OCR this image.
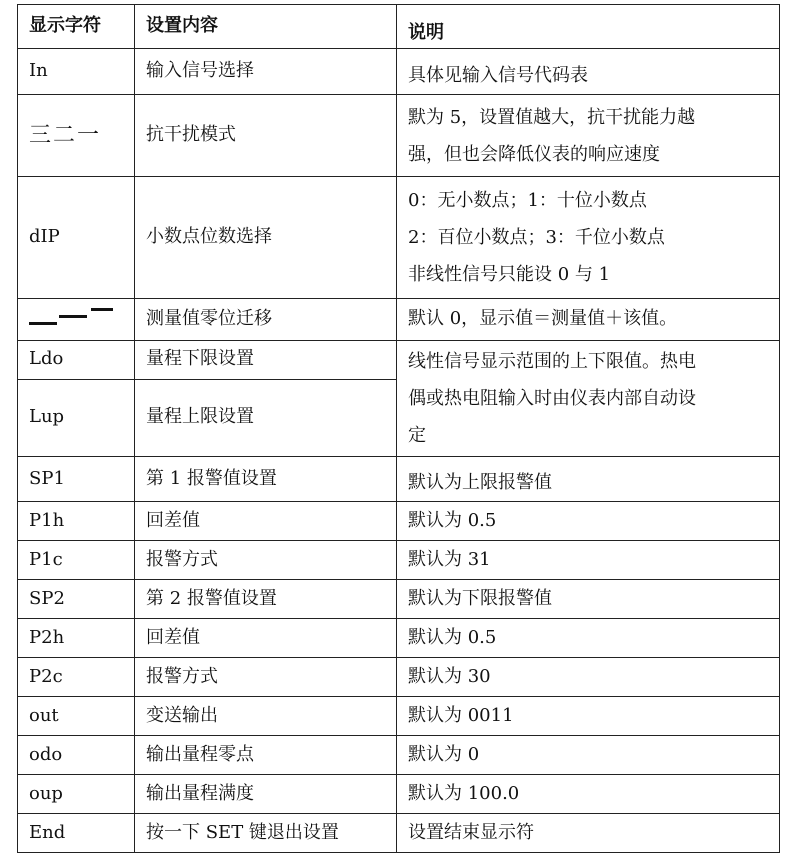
显示字符	设置内容	说明
In	输入信号选择	具体见输入信号代码表
三二一	抗干扰模式	默为 5，设置值越大，抗干扰能力越
强，但也会降低仪表的响应速度

dIP	小数点位数选择	0：无小数点；1：十位小数点
2：百位小数点；3：千位小数点
非线性信号只能设 0 与 1

	测量值零位迁移	默认 0，显示值＝测量值＋该值。
Ldo	量程下限设置	线性信号显示范围的上下限值。热电
偶或热电阻输入时由仪表内部自动设
定

Lup	量程上限设置	
SP1	第 1 报警值设置	默认为上限报警值
P1h	回差值	默认为 0.5
P1c	报警方式	默认为 31
SP2	第 2 报警值设置	默认为下限报警值
P2h	回差值	默认为 0.5
P2c	报警方式	默认为 30
out	变送输出	默认为 0011
odo	输出量程零点	默认为 0
oup	输出量程满度	默认为 100.0
End	按一下 SET 键退出设置	设置结束显示符
